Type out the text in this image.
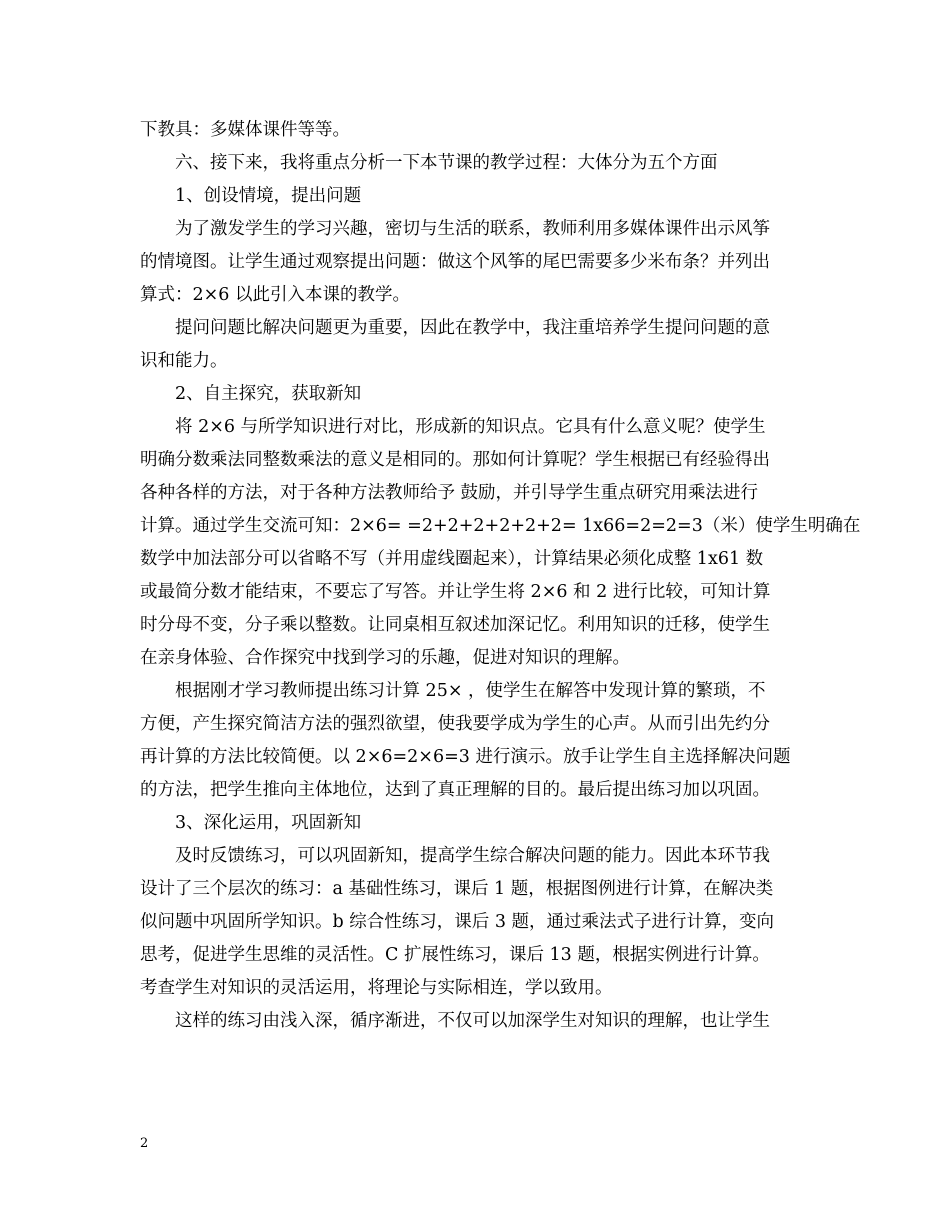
下教具：多媒体课件等等。
六、接下来，我将重点分析一下本节课的教学过程：大体分为五个方面
1、创设情境，提出问题
为了激发学生的学习兴趣，密切与生活的联系，教师利用多媒体课件出示风筝
的情境图。让学生通过观察提出问题：做这个风筝的尾巴需要多少米布条？并列出
算式：2×6 以此引入本课的教学。
提问问题比解决问题更为重要，因此在教学中，我注重培养学生提问问题的意
识和能力。
2、自主探究，获取新知
将 2×6 与所学知识进行对比，形成新的知识点。它具有什么意义呢？使学生
明确分数乘法同整数乘法的意义是相同的。那如何计算呢？学生根据已有经验得出
各种各样的方法，对于各种方法教师给予 鼓励，并引导学生重点研究用乘法进行
计算。通过学生交流可知：2×6= =2+2+2+2+2+2= 1x66=2=2=3（米）使学生明确在
数学中加法部分可以省略不写（并用虚线圈起来），计算结果必须化成整 1x61 数
或最简分数才能结束，不要忘了写答。并让学生将 2×6 和 2 进行比较，可知计算
时分母不变，分子乘以整数。让同桌相互叙述加深记忆。利用知识的迁移，使学生
在亲身体验、合作探究中找到学习的乐趣，促进对知识的理解。
根据刚才学习教师提出练习计算 25× ，使学生在解答中发现计算的繁琐，不
方便，产生探究简洁方法的强烈欲望，使我要学成为学生的心声。从而引出先约分
再计算的方法比较简便。以 2×6=2×6=3 进行演示。放手让学生自主选择解决问题
的方法，把学生推向主体地位，达到了真正理解的目的。最后提出练习加以巩固。
3、深化运用，巩固新知
及时反馈练习，可以巩固新知，提高学生综合解决问题的能力。因此本环节我
设计了三个层次的练习：a 基础性练习，课后 1 题，根据图例进行计算，在解决类
似问题中巩固所学知识。b 综合性练习，课后 3 题，通过乘法式子进行计算，变向
思考，促进学生思维的灵活性。C 扩展性练习，课后 13 题，根据实例进行计算。
考查学生对知识的灵活运用，将理论与实际相连，学以致用。
这样的练习由浅入深，循序渐进，不仅可以加深学生对知识的理解，也让学生
2
